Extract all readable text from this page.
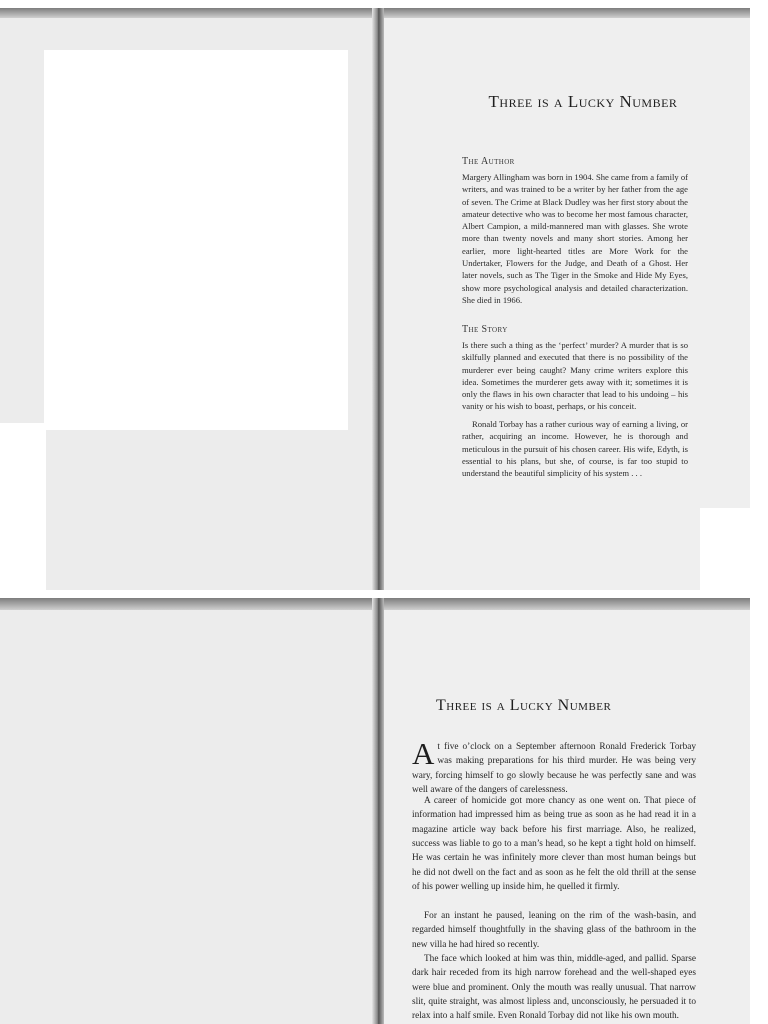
Three is a Lucky Number
The Author

Margery Allingham was born in 1904. She came from a family of writers, and was trained to be a writer by her father from the age of seven. The Crime at Black Dudley was her first story about the amateur detective who was to become her most famous character, Albert Campion, a mild-mannered man with glasses. She wrote more than twenty novels and many short stories. Among her earlier, more light-hearted titles are More Work for the Undertaker, Flowers for the Judge, and Death of a Ghost. Her later novels, such as The Tiger in the Smoke and Hide My Eyes, show more psychological analysis and detailed characterization. She died in 1966.

The Story

Is there such a thing as the ‘perfect’ murder? A murder that is so skilfully planned and executed that there is no possibility of the murderer ever being caught? Many crime writers explore this idea. Sometimes the murderer gets away with it; sometimes it is only the flaws in his own character that lead to his undoing – his vanity or his wish to boast, perhaps, or his conceit.

Ronald Torbay has a rather curious way of earning a living, or rather, acquiring an income. However, he is thorough and meticulous in the pursuit of his chosen career. His wife, Edyth, is essential to his plans, but she, of course, is far too stupid to understand the beautiful simplicity of his system . . .

Three is a Lucky Number
At five o’clock on a September afternoon Ronald Frederick Torbay was making preparations for his third murder. He was being very wary, forcing himself to go slowly because he was perfectly sane and was well aware of the dangers of carelessness.

A career of homicide got more chancy as one went on. That piece of information had impressed him as being true as soon as he had read it in a magazine article way back before his first marriage. Also, he realized, success was liable to go to a man’s head, so he kept a tight hold on himself. He was certain he was infinitely more clever than most human beings but he did not dwell on the fact and as soon as he felt the old thrill at the sense of his power welling up inside him, he quelled it firmly.

For an instant he paused, leaning on the rim of the wash-basin, and regarded himself thoughtfully in the shaving glass of the bathroom in the new villa he had hired so recently.

The face which looked at him was thin, middle-aged, and pallid. Sparse dark hair receded from its high narrow forehead and the well-shaped eyes were blue and prominent. Only the mouth was really unusual. That narrow slit, quite straight, was almost lipless and, unconsciously, he persuaded it to relax into a half smile. Even Ronald Torbay did not like his own mouth.
